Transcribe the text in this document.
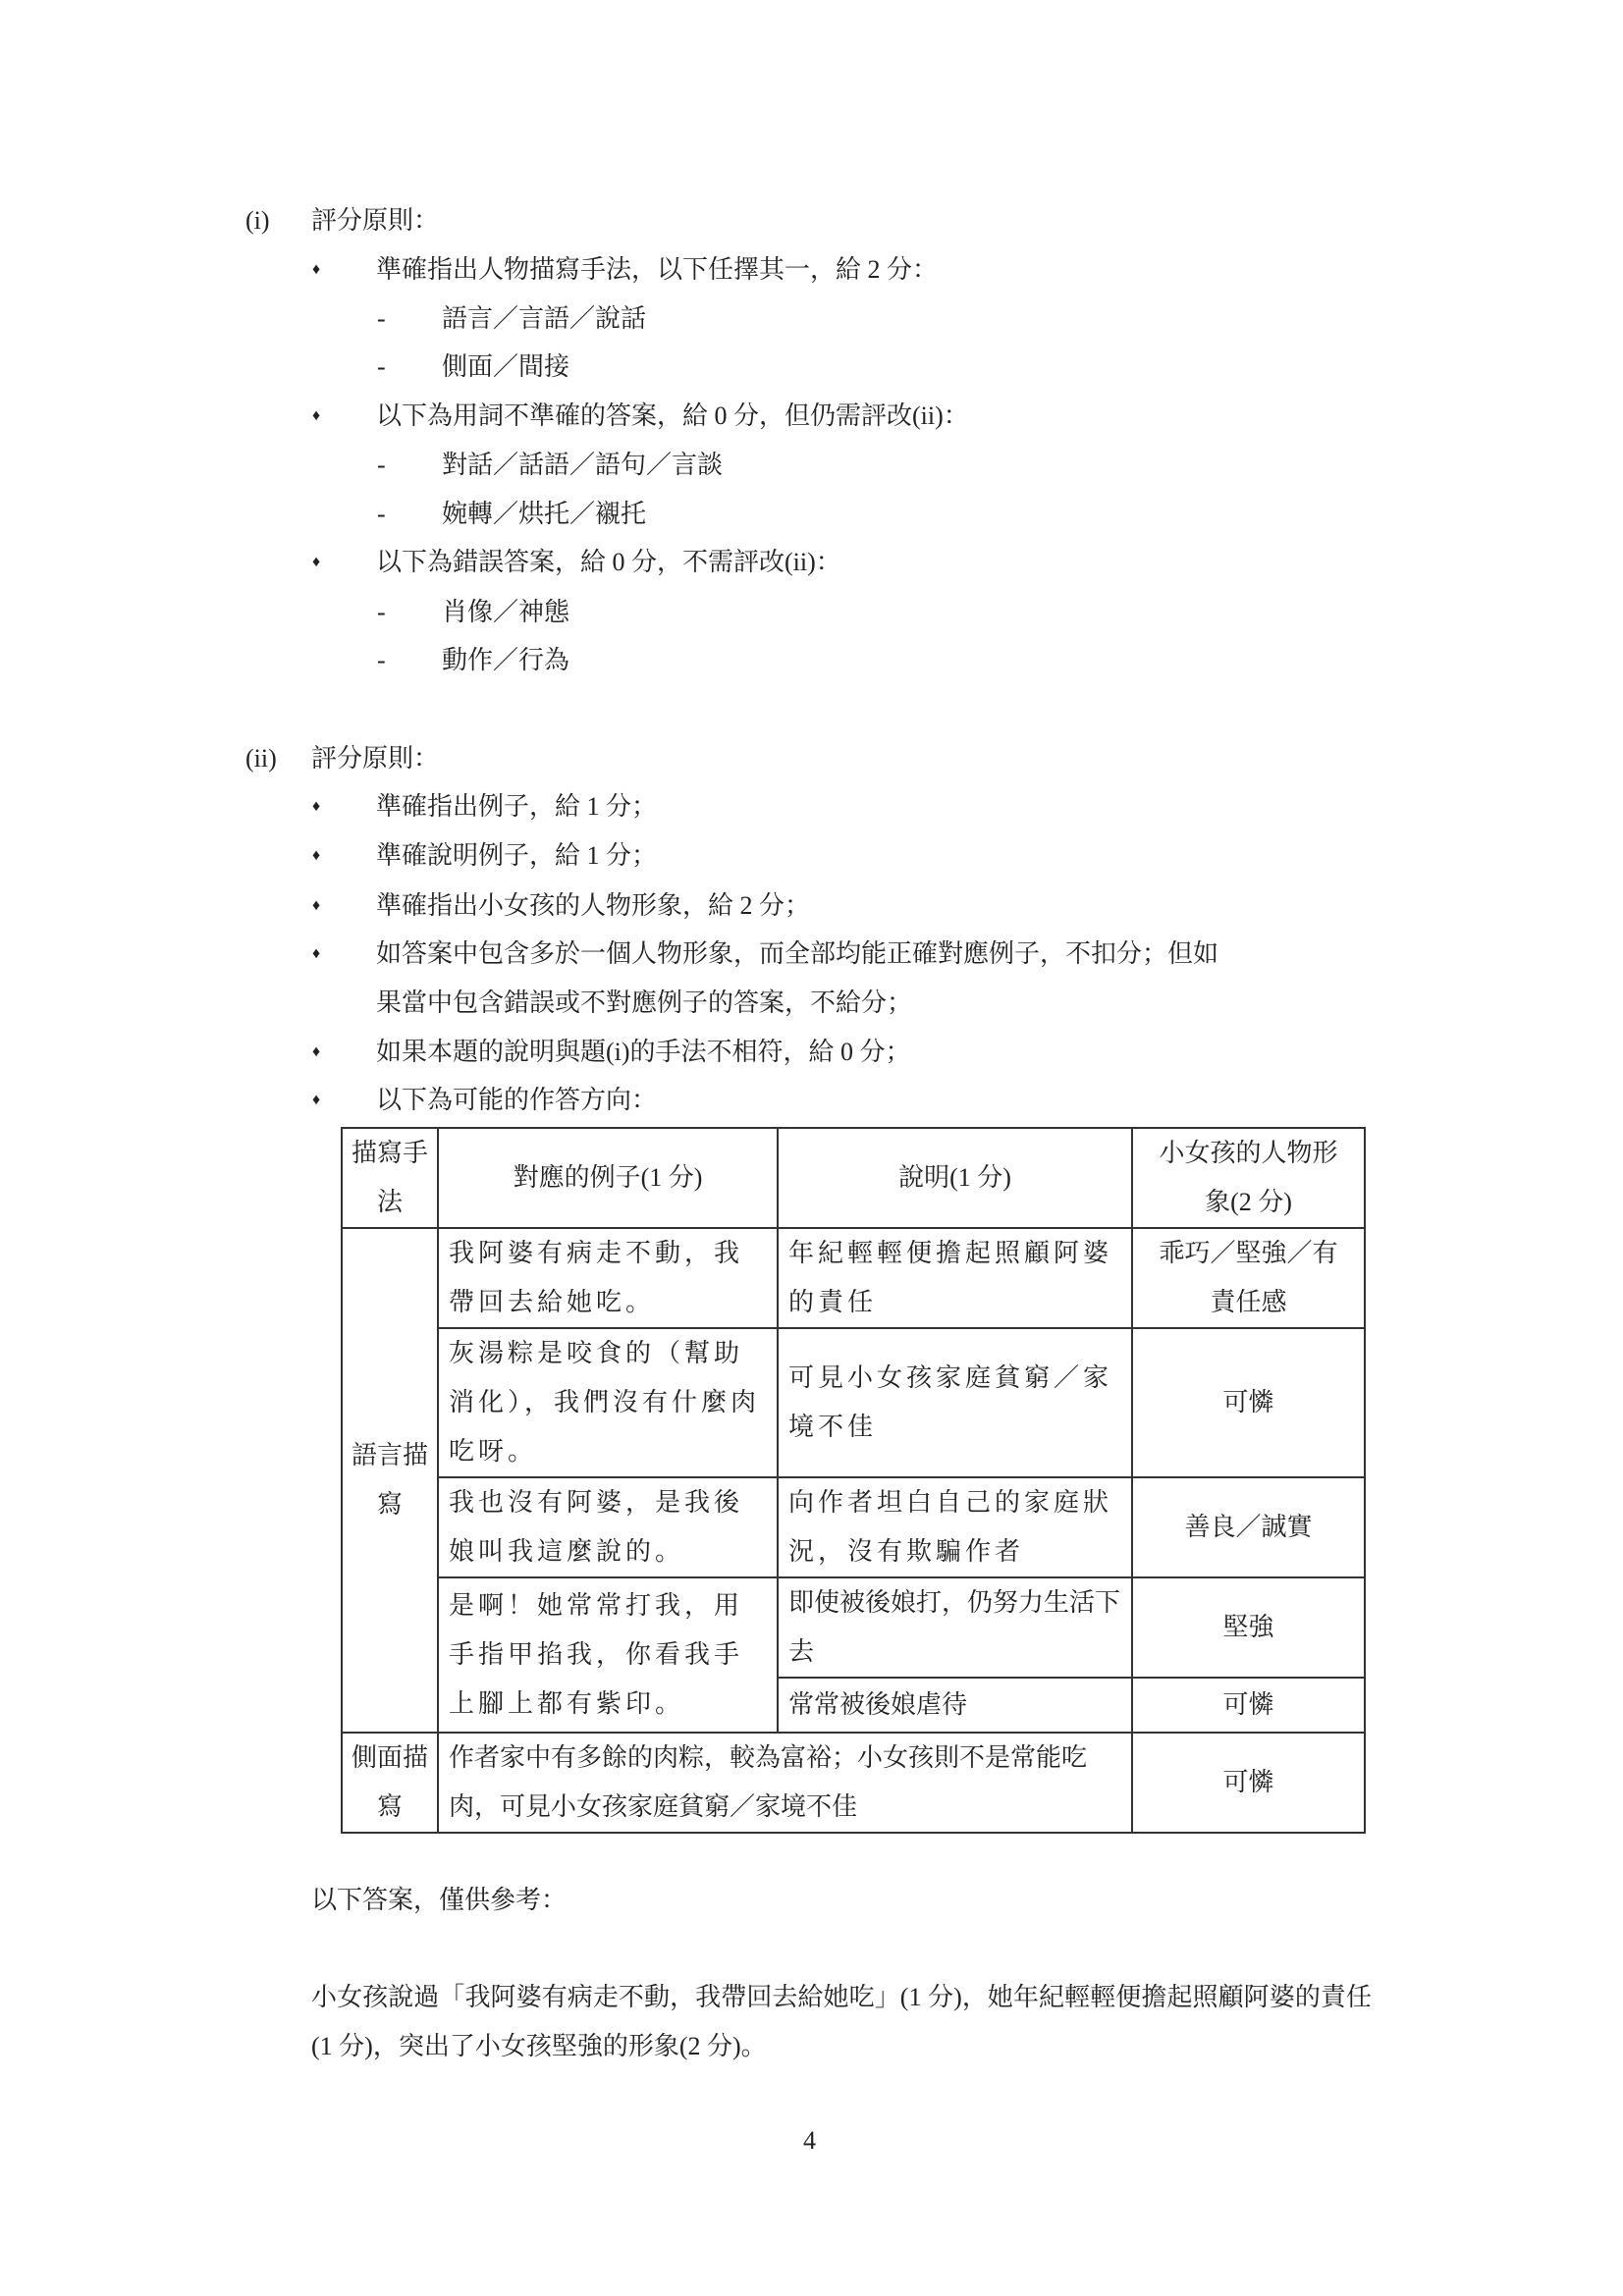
(i) 評分原則：
♦ 準確指出人物描寫手法，以下任擇其一，給 2 分：
- 語言／言語／說話
- 側面／間接
♦ 以下為用詞不準確的答案，給 0 分，但仍需評改(ii)：
- 對話／話語／語句／言談
- 婉轉／烘托／襯托
♦ 以下為錯誤答案，給 0 分，不需評改(ii)：
- 肖像／神態
- 動作／行為
(ii) 評分原則：
♦ 準確指出例子，給 1 分；
♦ 準確說明例子，給 1 分；
♦ 準確指出小女孩的人物形象，給 2 分；
♦ 如答案中包含多於一個人物形象，而全部均能正確對應例子，不扣分；但如
果當中包含錯誤或不對應例子的答案，不給分；
♦ 如果本題的說明與題(i)的手法不相符，給 0 分；
♦ 以下為可能的作答方向：
描寫手法	對應的例子(1 分)	說明(1 分)	小女孩的人物形象(2 分)
語言描寫	我阿婆有病走不動，我帶回去給她吃。	年紀輕輕便擔起照顧阿婆的責任	乖巧／堅強／有責任感
	灰湯粽是咬食的（幫助消化），我們沒有什麼肉吃呀。	可見小女孩家庭貧窮／家境不佳	可憐
	我也沒有阿婆，是我後娘叫我這麼說的。	向作者坦白自己的家庭狀況，沒有欺騙作者	善良／誠實
	是啊！她常常打我，用手指甲掐我，你看我手上腳上都有紫印。	即使被後娘打，仍努力生活下去	堅強
		常常被後娘虐待	可憐
側面描寫	作者家中有多餘的肉粽，較為富裕；小女孩則不是常能吃肉，可見小女孩家庭貧窮／家境不佳		可憐
以下答案，僅供參考：
小女孩說過「我阿婆有病走不動，我帶回去給她吃」(1 分)，她年紀輕輕便擔起照顧阿婆的責任(1 分)，突出了小女孩堅強的形象(2 分)。
4
